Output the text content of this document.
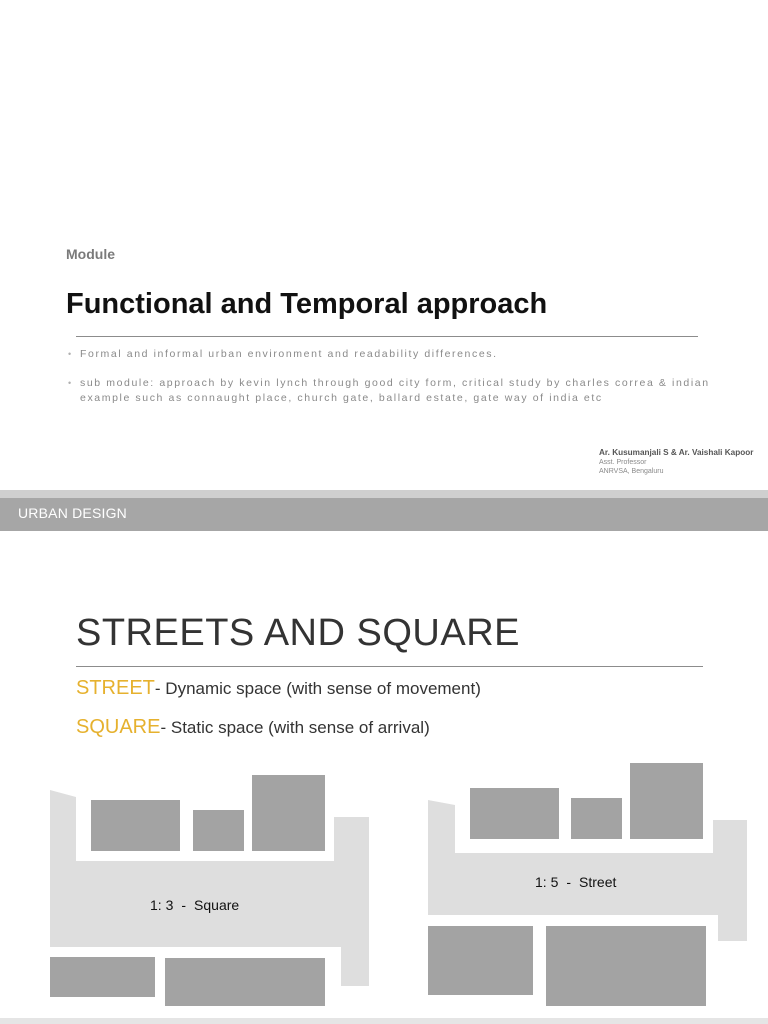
Module
Functional and Temporal approach
• Formal and informal urban environment and readability differences.
• sub module: approach by kevin lynch through good city form, critical study by charles correa & indian example such as connaught place, church gate, ballard estate, gate way of india etc
Ar. Kusumanjali S & Ar. Vaishali Kapoor
Asst. Professor
ANRVSA, Bengaluru
URBAN DESIGN
STREETS AND SQUARE
STREET- Dynamic space (with sense of movement)
SQUARE- Static space (with sense of arrival)
1: 3 - Square
1: 5 - Street
